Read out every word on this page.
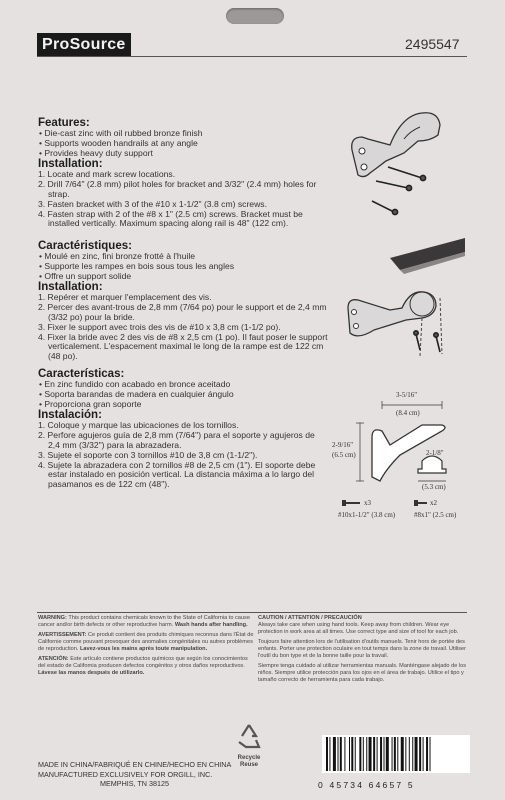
ProSource	2495547
Features:
• Die-cast zinc with oil rubbed bronze finish
• Supports wooden handrails at any angle
• Provides heavy duty support
Installation:
1. Locate and mark screw locations.
2. Drill 7/64" (2.8 mm) pilot holes for bracket and 3/32" (2.4 mm) holes for strap.
3. Fasten bracket with 3 of the #10 x 1-1/2" (3.8 cm) screws.
4. Fasten strap with 2 of the #8 x 1" (2.5 cm) screws. Bracket must be installed vertically. Maximum spacing along rail is 48" (122 cm).
Caractéristiques:
• Moulé en zinc, fini bronze frotté à l'huile
• Supporte les rampes en bois sous tous les angles
• Offre un support solide
Installation:
1. Repérer et marquer l'emplacement des vis.
2. Percer des avant-trous de 2,8 mm (7/64 po) pour le support et de 2,4 mm (3/32 po) pour la bride.
3. Fixer le support avec trois des vis de #10 x 3,8 cm (1-1/2 po).
4. Fixer la bride avec 2 des vis de #8 x 2,5 cm (1 po). Il faut poser le support verticalement. L'espacement maximal le long de la rampe est de 122 cm (48 po).
Características:
• En zinc fundido con acabado en bronce aceitado
• Soporta barandas de madera en cualquier ángulo
• Proporciona gran soporte
Instalación:
1. Coloque y marque las ubicaciones de los tornillos.
2. Perfore agujeros guía de 2,8 mm (7/64") para el soporte y agujeros de 2,4 mm (3/32") para la abrazadera.
3. Sujete el soporte con 3 tornillos #10 de 3,8 cm (1-1/2").
4. Sujete la abrazadera con 2 tornillos #8 de 2,5 cm (1"). El soporte debe estar instalado en posición vertical. La distancia máxima a lo largo del pasamanos es de 122 cm (48").
3-5/16"
(8.4 cm)
2-9/16"
(6.5 cm)	2-1/8"
(5.3 cm)
x3
#10x1-1/2" (3.8 cm)
x2
#8x1" (2.5 cm)

WARNING: This product contains chemicals known to the State of California to cause cancer and/or birth defects or other reproductive harm. Wash hands after handling.

AVERTISSEMENT: Ce produit contient des produits chimiques reconnus dans l'État de Californie comme pouvant provoquer des anomalies congénitales ou autres problèmes de reproduction. Lavez-vous les mains après toute manipulation.

ATENCIÓN: Este artículo contiene productos químicos que según los conocimientos del estado de California producen defectos congénitos y otros daños reproductivos. Lávese las manos después de utilizarlo.

CAUTION / ATTENTION / PRECAUCIÓN

Always take care when using hand tools. Keep away from children. Wear eye protection in work area at all times. Use correct type and size of tool for each job.

Toujours faire attention lors de l'utilisation d'outils manuels. Tenir hors de portée des enfants. Porter une protection oculaire en tout temps dans la zone de travail. Utiliser l'outil du bon type et de la bonne taille pour la travail.

Siempre tenga cuidado al utilizar herramientas manuals. Manténgase alejado de los niños. Siempre utilice protección para los ojos en el área de trabajo. Utilice el tipo y tamaño correcto de herramienta para cada trabajo.

MADE IN CHINA/FABRIQUÉ EN CHINE/HECHO EN CHINA
MANUFACTURED EXCLUSIVELY FOR ORGILL, INC.
MEMPHIS, TN 38125
Recycle
Reuse
0 45734 64657 5
